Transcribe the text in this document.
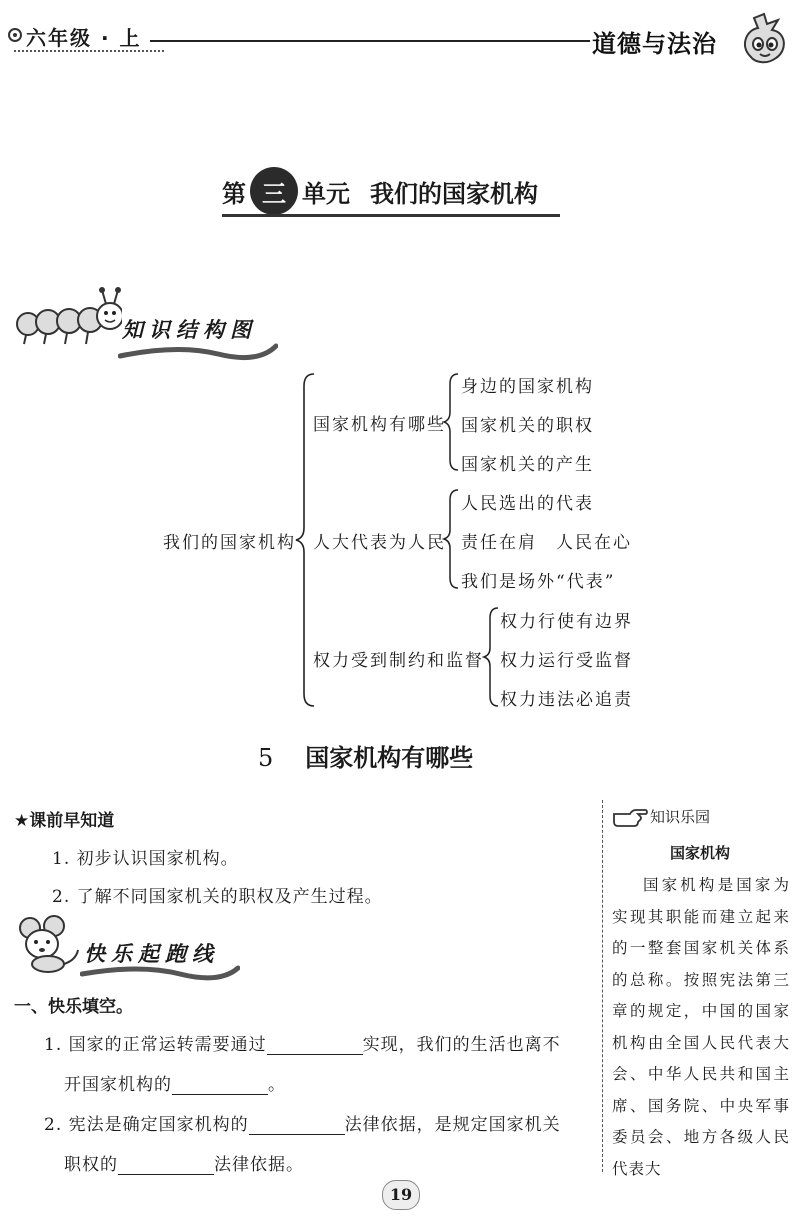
六年级 · 上	道德与法治
第 三 单元 我们的国家机构
知识结构图
我们的国家机构
国家机构有哪些
身边的国家机构
国家机关的职权
国家机关的产生
人大代表为人民
人民选出的代表
责任在肩　人民在心
我们是场外“代表”
权力受到制约和监督
权力行使有边界
权力运行受监督
权力违法必追责
5 国家机构有哪些
★课前早知道
1. 初步认识国家机构。
2. 了解不同国家机关的职权及产生过程。
快乐起跑线
一、快乐填空。
1. 国家的正常运转需要通过	实现，我们的生活也离不
开国家机构的	。
2. 宪法是确定国家机构的	法律依据，是规定国家机关
职权的	法律依据。
知识乐园
国家机构
国家机构是国家为实现其职能而建立起来的一整套国家机关体系的总称。按照宪法第三章的规定，中国的国家机构由全国人民代表大会、中华人民共和国主席、国务院、中央军事委员会、地方各级人民代表大
19
